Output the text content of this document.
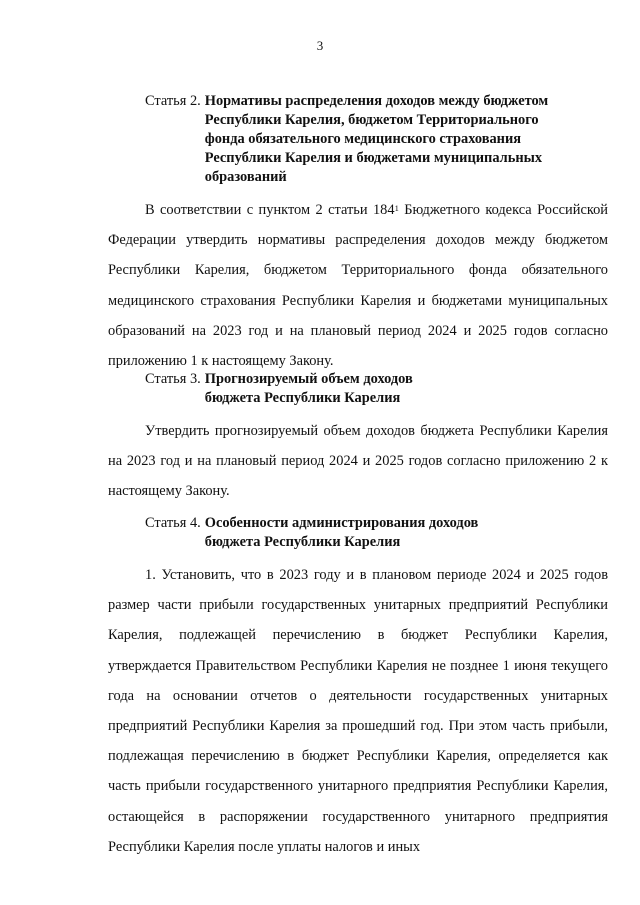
3
Статья 2. Нормативы распределения доходов между бюджетом
Республики Карелия, бюджетом Территориального
фонда обязательного медицинского страхования
Республики Карелия и бюджетами муниципальных
образований

В соответствии с пунктом 2 статьи $184^1$ Бюджетного кодекса Российской Федерации утвердить нормативы распределения доходов между бюджетом Республики Карелия, бюджетом Территориального фонда обязательного медицинского страхования Республики Карелия и бюджетами муниципальных образований на 2023 год и на плановый период 2024 и 2025 годов согласно приложению 1 к настоящему Закону.

Статья 3. Прогнозируемый объем доходов
бюджета Республики Карелия

Утвердить прогнозируемый объем доходов бюджета Республики Карелия на 2023 год и на плановый период 2024 и 2025 годов согласно приложению 2 к настоящему Закону.

Статья 4. Особенности администрирования доходов
бюджета Республики Карелия

1. Установить, что в 2023 году и в плановом периоде 2024 и 2025 годов размер части прибыли государственных унитарных предприятий Республики Карелия, подлежащей перечислению в бюджет Республики Карелия, утверждается Правительством Республики Карелия не позднее 1 июня текущего года на основании отчетов о деятельности государственных унитарных предприятий Республики Карелия за прошедший год. При этом часть прибыли, подлежащая перечислению в бюджет Республики Карелия, определяется как часть прибыли государственного унитарного предприятия Республики Карелия, остающейся в распоряжении государственного унитарного предприятия Республики Карелия после уплаты налогов и иных
